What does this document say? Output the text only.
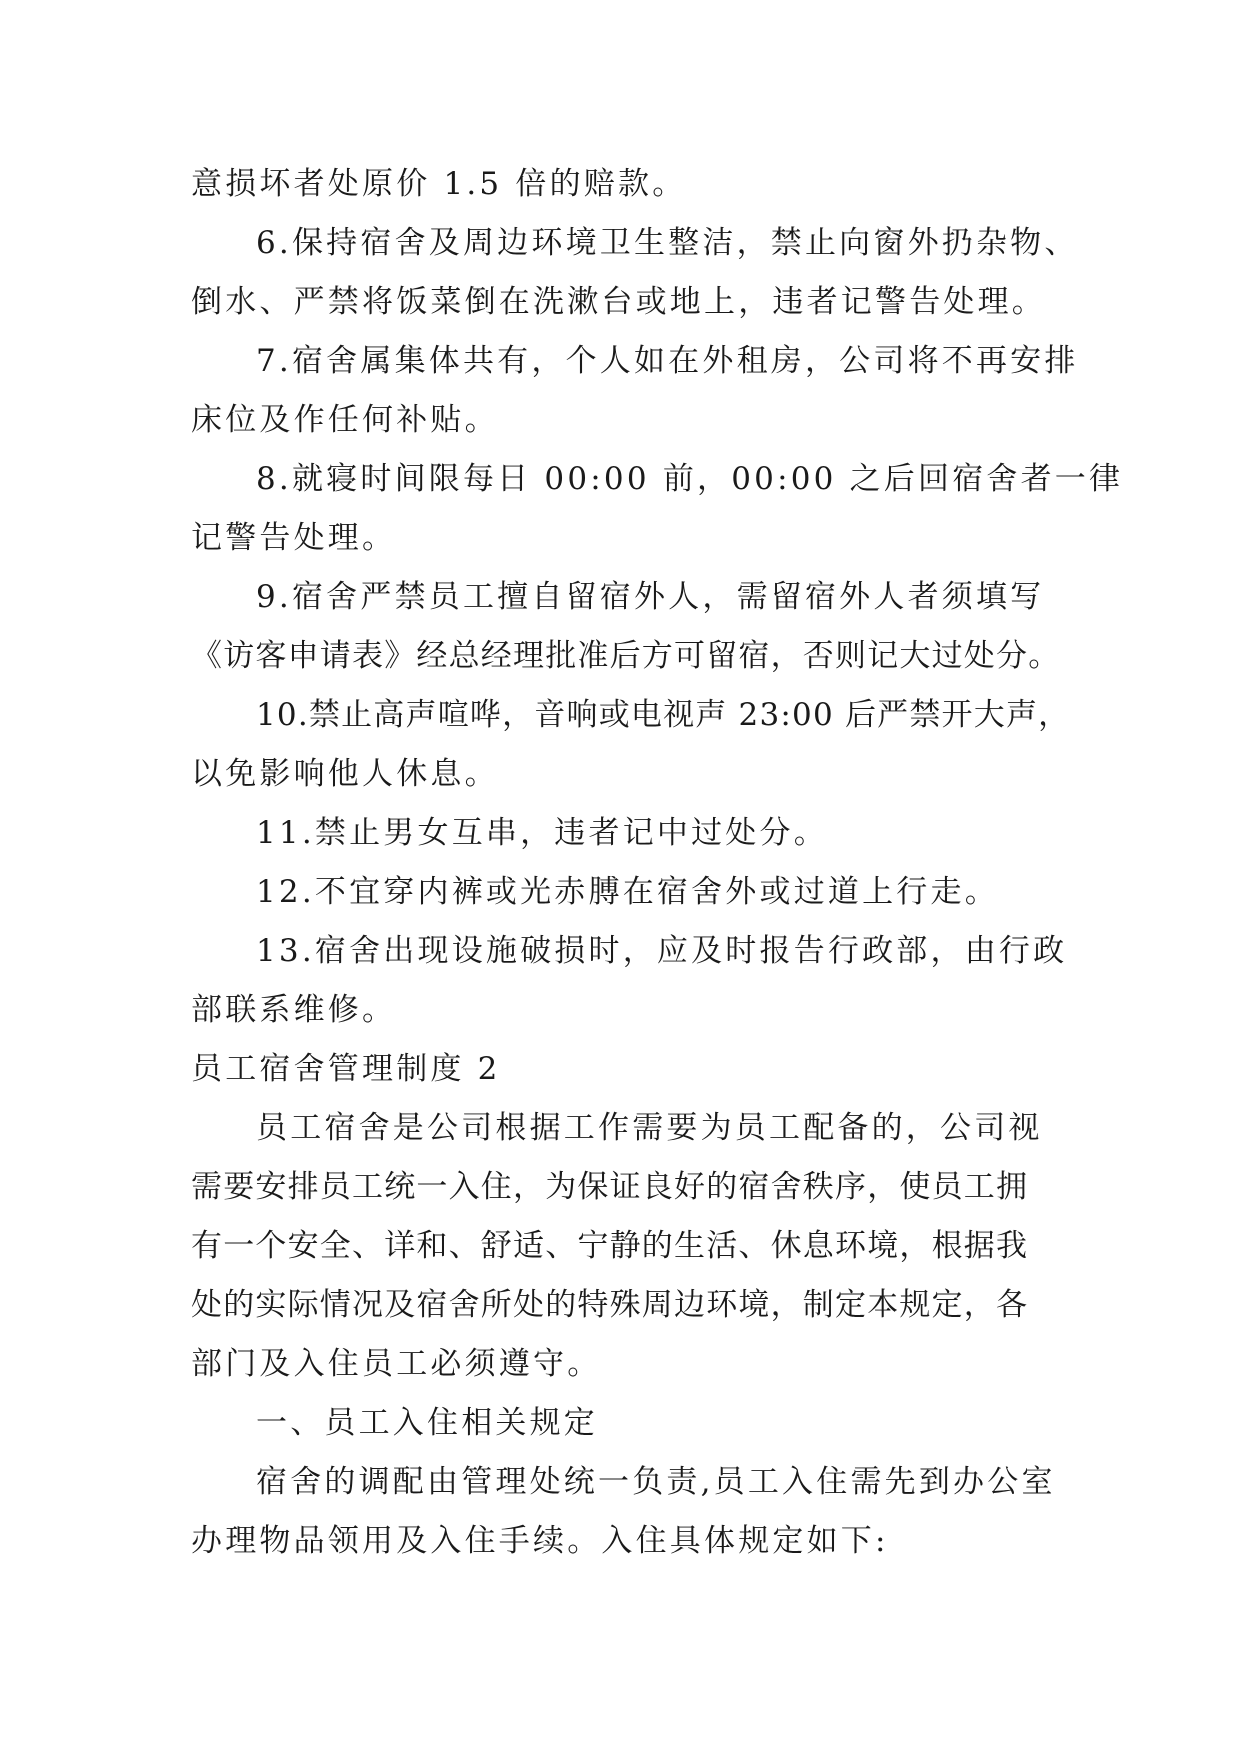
意损坏者处原价 1.5 倍的赔款。
6.保持宿舍及周边环境卫生整洁，禁止向窗外扔杂物、
倒水、严禁将饭菜倒在洗漱台或地上，违者记警告处理。
7.宿舍属集体共有，个人如在外租房，公司将不再安排
床位及作任何补贴。
8.就寝时间限每日 00:00 前，00:00 之后回宿舍者一律
记警告处理。
9.宿舍严禁员工擅自留宿外人，需留宿外人者须填写
《访客申请表》经总经理批准后方可留宿，否则记大过处分。
10.禁止高声喧哗，音响或电视声 23:00 后严禁开大声，
以免影响他人休息。
11.禁止男女互串，违者记中过处分。
12.不宜穿内裤或光赤膊在宿舍外或过道上行走。
13.宿舍出现设施破损时，应及时报告行政部，由行政
部联系维修。
员工宿舍管理制度 2
员工宿舍是公司根据工作需要为员工配备的，公司视
需要安排员工统一入住，为保证良好的宿舍秩序，使员工拥
有一个安全、详和、舒适、宁静的生活、休息环境，根据我
处的实际情况及宿舍所处的特殊周边环境，制定本规定，各
部门及入住员工必须遵守。
一、员工入住相关规定
宿舍的调配由管理处统一负责,员工入住需先到办公室
办理物品领用及入住手续。入住具体规定如下:
